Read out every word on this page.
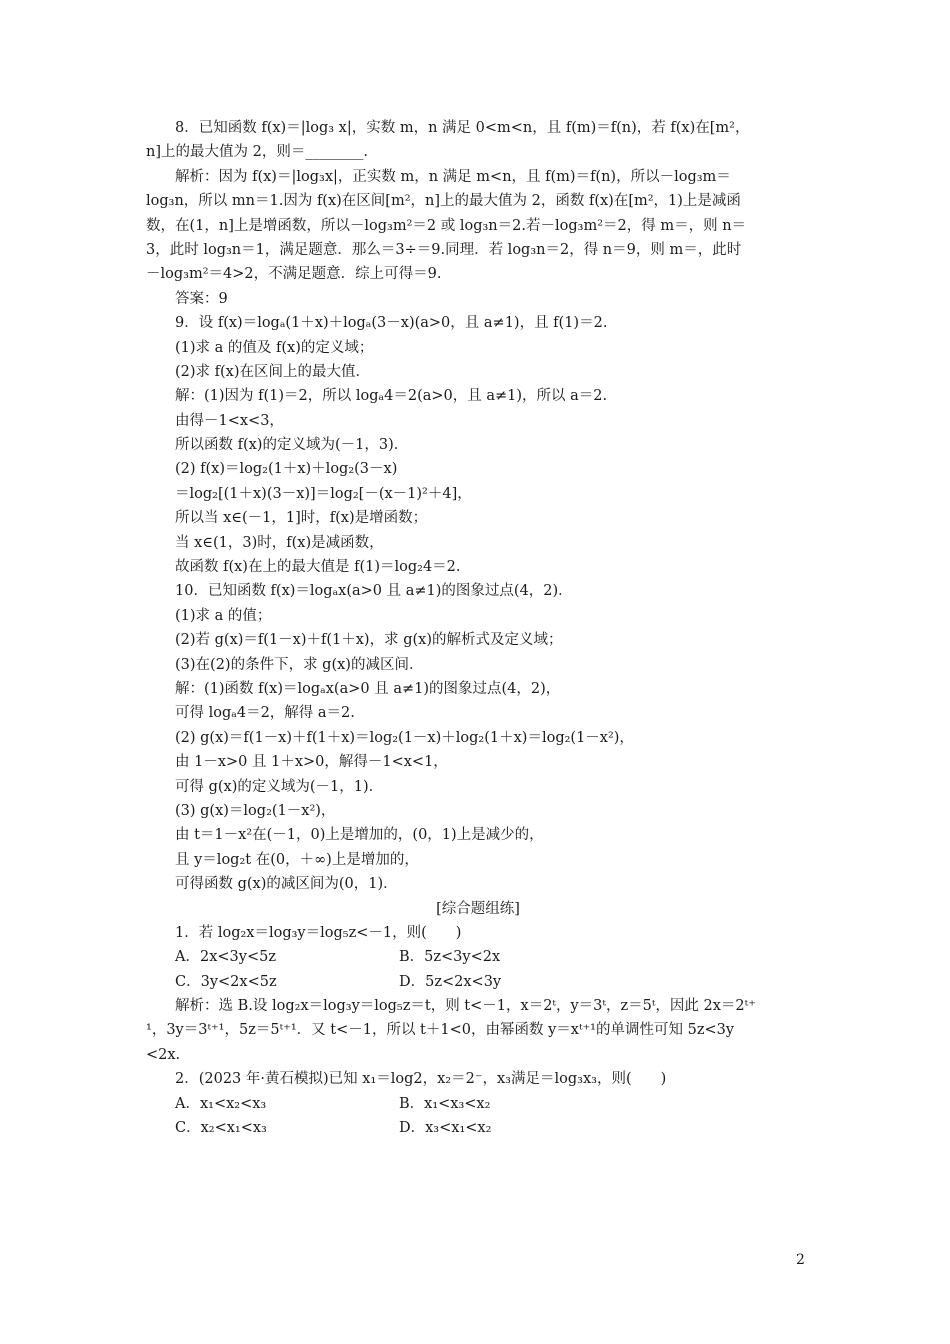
8．已知函数 f(x)＝|log₃ x|，实数 m，n 满足 0<m<n，且 f(m)＝f(n)，若 f(x)在[m²，
n]上的最大值为 2，则＝________.
解析：因为 f(x)＝|log₃x|，正实数 m，n 满足 m<n，且 f(m)＝f(n)，所以－log₃m＝
log₃n，所以 mn＝1.因为 f(x)在区间[m²，n]上的最大值为 2，函数 f(x)在[m²，1)上是减函
数，在(1，n]上是增函数，所以－log₃m²＝2 或 log₃n＝2.若－log₃m²＝2，得 m＝，则 n＝
3，此时 log₃n＝1，满足题意．那么＝3÷＝9.同理．若 log₃n＝2，得 n＝9，则 m＝，此时
－log₃m²＝4>2，不满足题意．综上可得＝9.
答案：9
9．设 f(x)＝logₐ(1＋x)＋logₐ(3－x)(a>0，且 a≠1)，且 f(1)＝2.
(1)求 a 的值及 f(x)的定义域；
(2)求 f(x)在区间上的最大值．
解：(1)因为 f(1)＝2，所以 logₐ4＝2(a>0，且 a≠1)，所以 a＝2.
由得－1<x<3，
所以函数 f(x)的定义域为(－1，3)．
(2) f(x)＝log₂(1＋x)＋log₂(3－x)
＝log₂[(1＋x)(3－x)]＝log₂[－(x－1)²＋4]，
所以当 x∈(－1，1]时，f(x)是增函数；
当 x∈(1，3)时，f(x)是减函数，
故函数 f(x)在上的最大值是 f(1)＝log₂4＝2.
10．已知函数 f(x)＝logₐx(a>0 且 a≠1)的图象过点(4，2)．
(1)求 a 的值；
(2)若 g(x)＝f(1－x)＋f(1＋x)，求 g(x)的解析式及定义域；
(3)在(2)的条件下，求 g(x)的减区间．
解：(1)函数 f(x)＝logₐx(a>0 且 a≠1)的图象过点(4，2)，
可得 logₐ4＝2，解得 a＝2.
(2) g(x)＝f(1－x)＋f(1＋x)＝log₂(1－x)＋log₂(1＋x)＝log₂(1－x²)，
由 1－x>0 且 1＋x>0，解得－1<x<1，
可得 g(x)的定义域为(－1，1)．
(3) g(x)＝log₂(1－x²)，
由 t＝1－x²在(－1，0)上是增加的，(0，1)上是减少的，
且 y＝log₂t 在(0，＋∞)上是增加的，
可得函数 g(x)的减区间为(0，1)．
[综合题组练]
1．若 log₂x＝log₃y＝log₅z<－1，则(　　)
A．2x<3y<5z	B．5z<3y<2x
C．3y<2x<5z	D．5z<2x<3y
解析：选 B.设 log₂x＝log₃y＝log₅z＝t，则 t<－1，x＝2ᵗ，y＝3ᵗ，z＝5ᵗ，因此 2x＝2ᵗ⁺
¹，3y＝3ᵗ⁺¹，5z＝5ᵗ⁺¹．又 t<－1，所以 t＋1<0，由幂函数 y＝xᵗ⁺¹的单调性可知 5z<3y
<2x.
2．(2023 年·黄石模拟)已知 x₁＝log2，x₂＝2⁻，x₃满足＝log₃x₃，则(　　)
A．x₁<x₂<x₃	B．x₁<x₃<x₂
C．x₂<x₁<x₃	D．x₃<x₁<x₂
2
